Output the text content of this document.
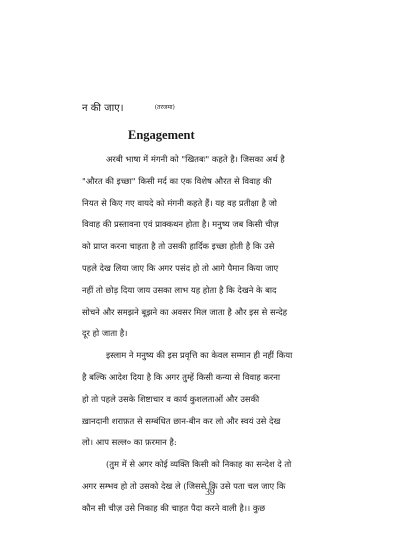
न की जाए।	$^{(तरजमा)}$
Engagement

अरबी भाषा में मंगनी को "खितबः" कहते है। जिसका अर्थ है
"औरत की इच्छा" किसी मर्द का एक विशेष औरत से विवाह की
नियत से किए गए वायदे को मंगनी कहते हैं। यह वह प्रतीक्षा है जो
विवाह की प्रस्तावना एवं प्राक्कथन होता है। मनुष्य जब किसी चीज़
को प्राप्त करना चाहता है तो उसकी हार्दिक इच्छा होती है कि उसे
पहले देख लिया जाए कि अगर पसंद हो तो आगे पैमान किया जाए
नहीं तो छोड़ दिया जाय उसका लाभ यह होता है कि देखने के बाद
सोचने और समझने बूझने का अवसर मिल जाता है और इस से सन्देह
दूर हो जाता है।

इस्लाम ने मनुष्य की इस प्रवृत्ति का केवल सम्मान ही नहीं किया
है बल्कि आदेश दिया है कि अगर तुम्हें किसी कन्या से विवाह करना
हो तो पहले उसके शिष्टाचार व कार्य कुशलताओं और उसकी
ख़ानदानी शराफ़त से सम्बंधित छान-बीन कर लो और स्वयं उसे देख
लो। आप सल्ल० का फ़रमान है:

(तुम में से अगर कोई व्यक्ति किसी को निकाह का सन्देश दे तो
अगर सम्भव हो तो उसको देख ले (जिससे कि उसे पता चल जाए कि
कौन सी चीज़ उसे निकाह की चाहत पैदा करने वाली है।। कुछ

39
